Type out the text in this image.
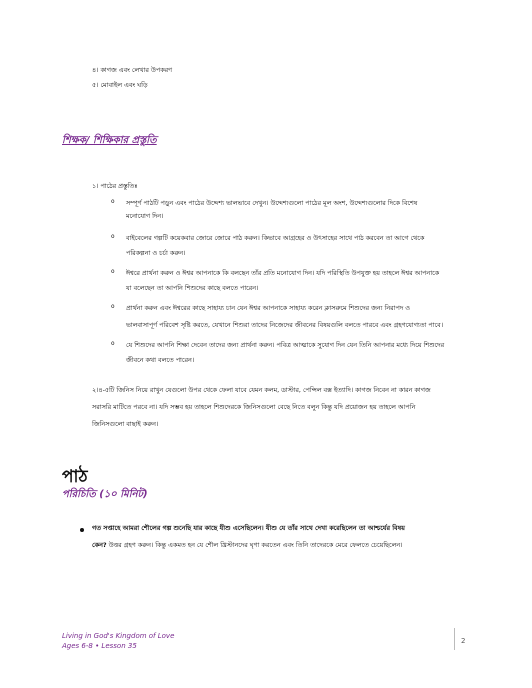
৪। কাগজ এবং লেখার উপকরণ
৫। মোবাইল এবং ঘড়ি
শিক্ষক/ শিক্ষিকার প্রস্তুতি
১। পাঠের প্রস্তুতিঃ
o সম্পূর্ণ পাঠটি পড়ুন এবং পাঠের উদ্দেশ্য ভালভাবে দেখুন। উদ্দেশ্যগুলো পাঠের মূল অংশ, উদ্দেশ্যগুলোর দিকে বিশেষ
মনোযোগ দিন।
o বাইবেলের গল্পটি কয়েকবার জোরে জোরে পাঠ করুন। কিভাবে আগ্রহের ও উৎসাহের সাথে পাঠ করবেন তা আগে থেকে
পরিকল্পনা ও চর্চা করুন।
o ঈশ্বরে প্রার্থনা করুন ও ঈশ্বর আপনাকে কি বলছেন তাঁর প্রতি মনোযোগ দিন। যদি পরিস্থিতি উপযুক্ত হয় তাহলে ঈশ্বর আপনাকে
যা বলেছেন তা আপনি শিশুদের কাছে বলতে পারেন।
o প্রার্থনা করুন এবং ঈশ্বরের কাছে সাহায্য চান যেন ঈশ্বর আপনাকে সাহায্য করেন ক্লাসরুমে শিশুদের জন্য নিরাপদ ও
ভালবাসাপূর্ণ পরিবেশ সৃষ্টি করতে, যেখানে শিশুরা তাদের নিজেদের জীবনের বিষয়গুলি বলতে পারবে এবং গ্রহণযোগ্যতা পাবে।
o যে শিশুদের আপনি শিক্ষা দেবেন তাদের জন্য প্রার্থনা করুন। পবিত্র আত্মাকে সুযোগ দিন যেন তিনি আপনার মধ্যে দিয়ে শিশুদের
জীবনে কথা বলতে পারেন।
২।৪-৫টি জিনিস নিয়ে রাখুন যেগুলো উপর থেকে ফেলা যাবে যেমন কলম, ডাস্টার, পেন্সিল বক্স ইত্যাদি। কাগজ নিবেন না কারন কাগজ
সরাসরি মাটিতে পরবে না। যদি সম্ভব হয় তাহলে শিশুদেরকে জিনিসগুলো বেছে নিতে বলুন কিন্তু যদি প্রয়োজন হয় তাহলে আপনি
জিনিসগুলো বাছাই করুন।
পাঠ
পরিচিতি (১০ মিনিট)
গত সপ্তাহে আমরা শৌলের গল্প শুনেছি যার কাছে যীশু এসেছিলেন। যীশু যে তাঁর সাথে দেখা করেছিলেন তা আশ্চর্যের বিষয়
কেন? উত্তর গ্রহণ করুন। কিন্তু একমত হন যে শৌল খ্রিস্টানদের ঘৃণা করতেন এবং তিনি তাদেরকে মেরে ফেলতে চেয়েছিলেন।
Living in God's Kingdom of Love
Ages 6-8 • Lesson 35
2
